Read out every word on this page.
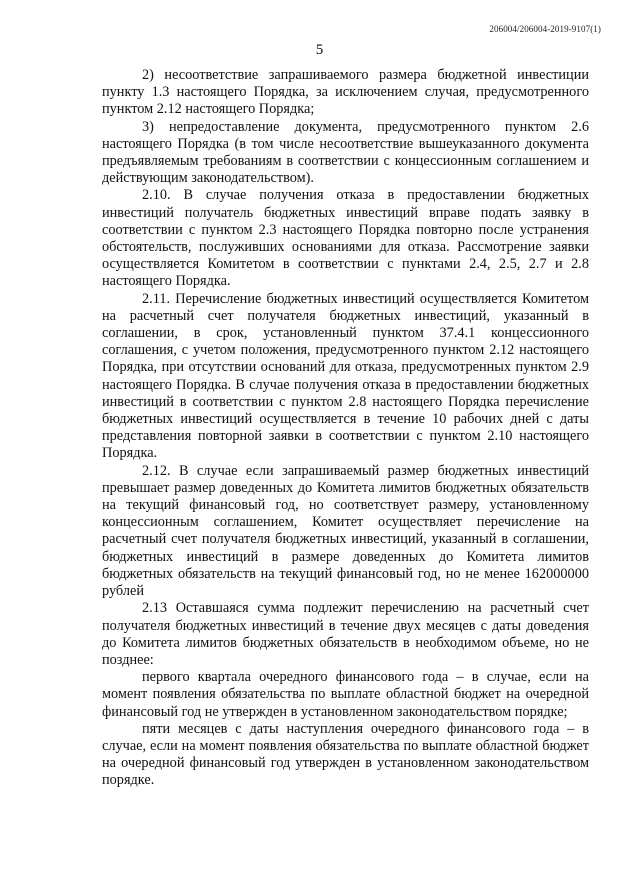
206004/206004-2019-9107(1)
5

2) несоответствие запрашиваемого размера бюджетной инвестиции пункту 1.3 настоящего Порядка, за исключением случая, предусмотренного пунктом 2.12 настоящего Порядка;

3) непредоставление документа, предусмотренного пунктом 2.6 настоящего Порядка (в том числе несоответствие вышеуказанного документа предъявляемым требованиям в соответствии с концессионным соглашением и действующим законодательством).

2.10. В случае получения отказа в предоставлении бюджетных инвестиций получатель бюджетных инвестиций вправе подать заявку в соответствии с пунктом 2.3 настоящего Порядка повторно после устранения обстоятельств, послуживших основаниями для отказа. Рассмотрение заявки осуществляется Комитетом в соответствии с пунктами 2.4, 2.5, 2.7 и 2.8 настоящего Порядка.

2.11. Перечисление бюджетных инвестиций осуществляется Комитетом на расчетный счет получателя бюджетных инвестиций, указанный в соглашении, в срок, установленный пунктом 37.4.1 концессионного соглашения, с учетом положения, предусмотренного пунктом 2.12 настоящего Порядка, при отсутствии оснований для отказа, предусмотренных пунктом 2.9 настоящего Порядка. В случае получения отказа в предоставлении бюджетных инвестиций в соответствии с пунктом 2.8 настоящего Порядка перечисление бюджетных инвестиций осуществляется в течение 10 рабочих дней с даты представления повторной заявки в соответствии с пунктом 2.10 настоящего Порядка.

2.12. В случае если запрашиваемый размер бюджетных инвестиций превышает размер доведенных до Комитета лимитов бюджетных обязательств на текущий финансовый год, но соответствует размеру, установленному концессионным соглашением, Комитет осуществляет перечисление на расчетный счет получателя бюджетных инвестиций, указанный в соглашении, бюджетных инвестиций в размере доведенных до Комитета лимитов бюджетных обязательств на текущий финансовый год, но не менее 162000000 рублей

2.13 Оставшаяся сумма подлежит перечислению на расчетный счет получателя бюджетных инвестиций в течение двух месяцев с даты доведения до Комитета лимитов бюджетных обязательств в необходимом объеме, но не позднее:

первого квартала очередного финансового года – в случае, если на момент появления обязательства по выплате областной бюджет на очередной финансовый год не утвержден в установленном законодательством порядке;

пяти месяцев с даты наступления очередного финансового года – в случае, если на момент появления обязательства по выплате областной бюджет на очередной финансовый год утвержден в установленном законодательством порядке.
